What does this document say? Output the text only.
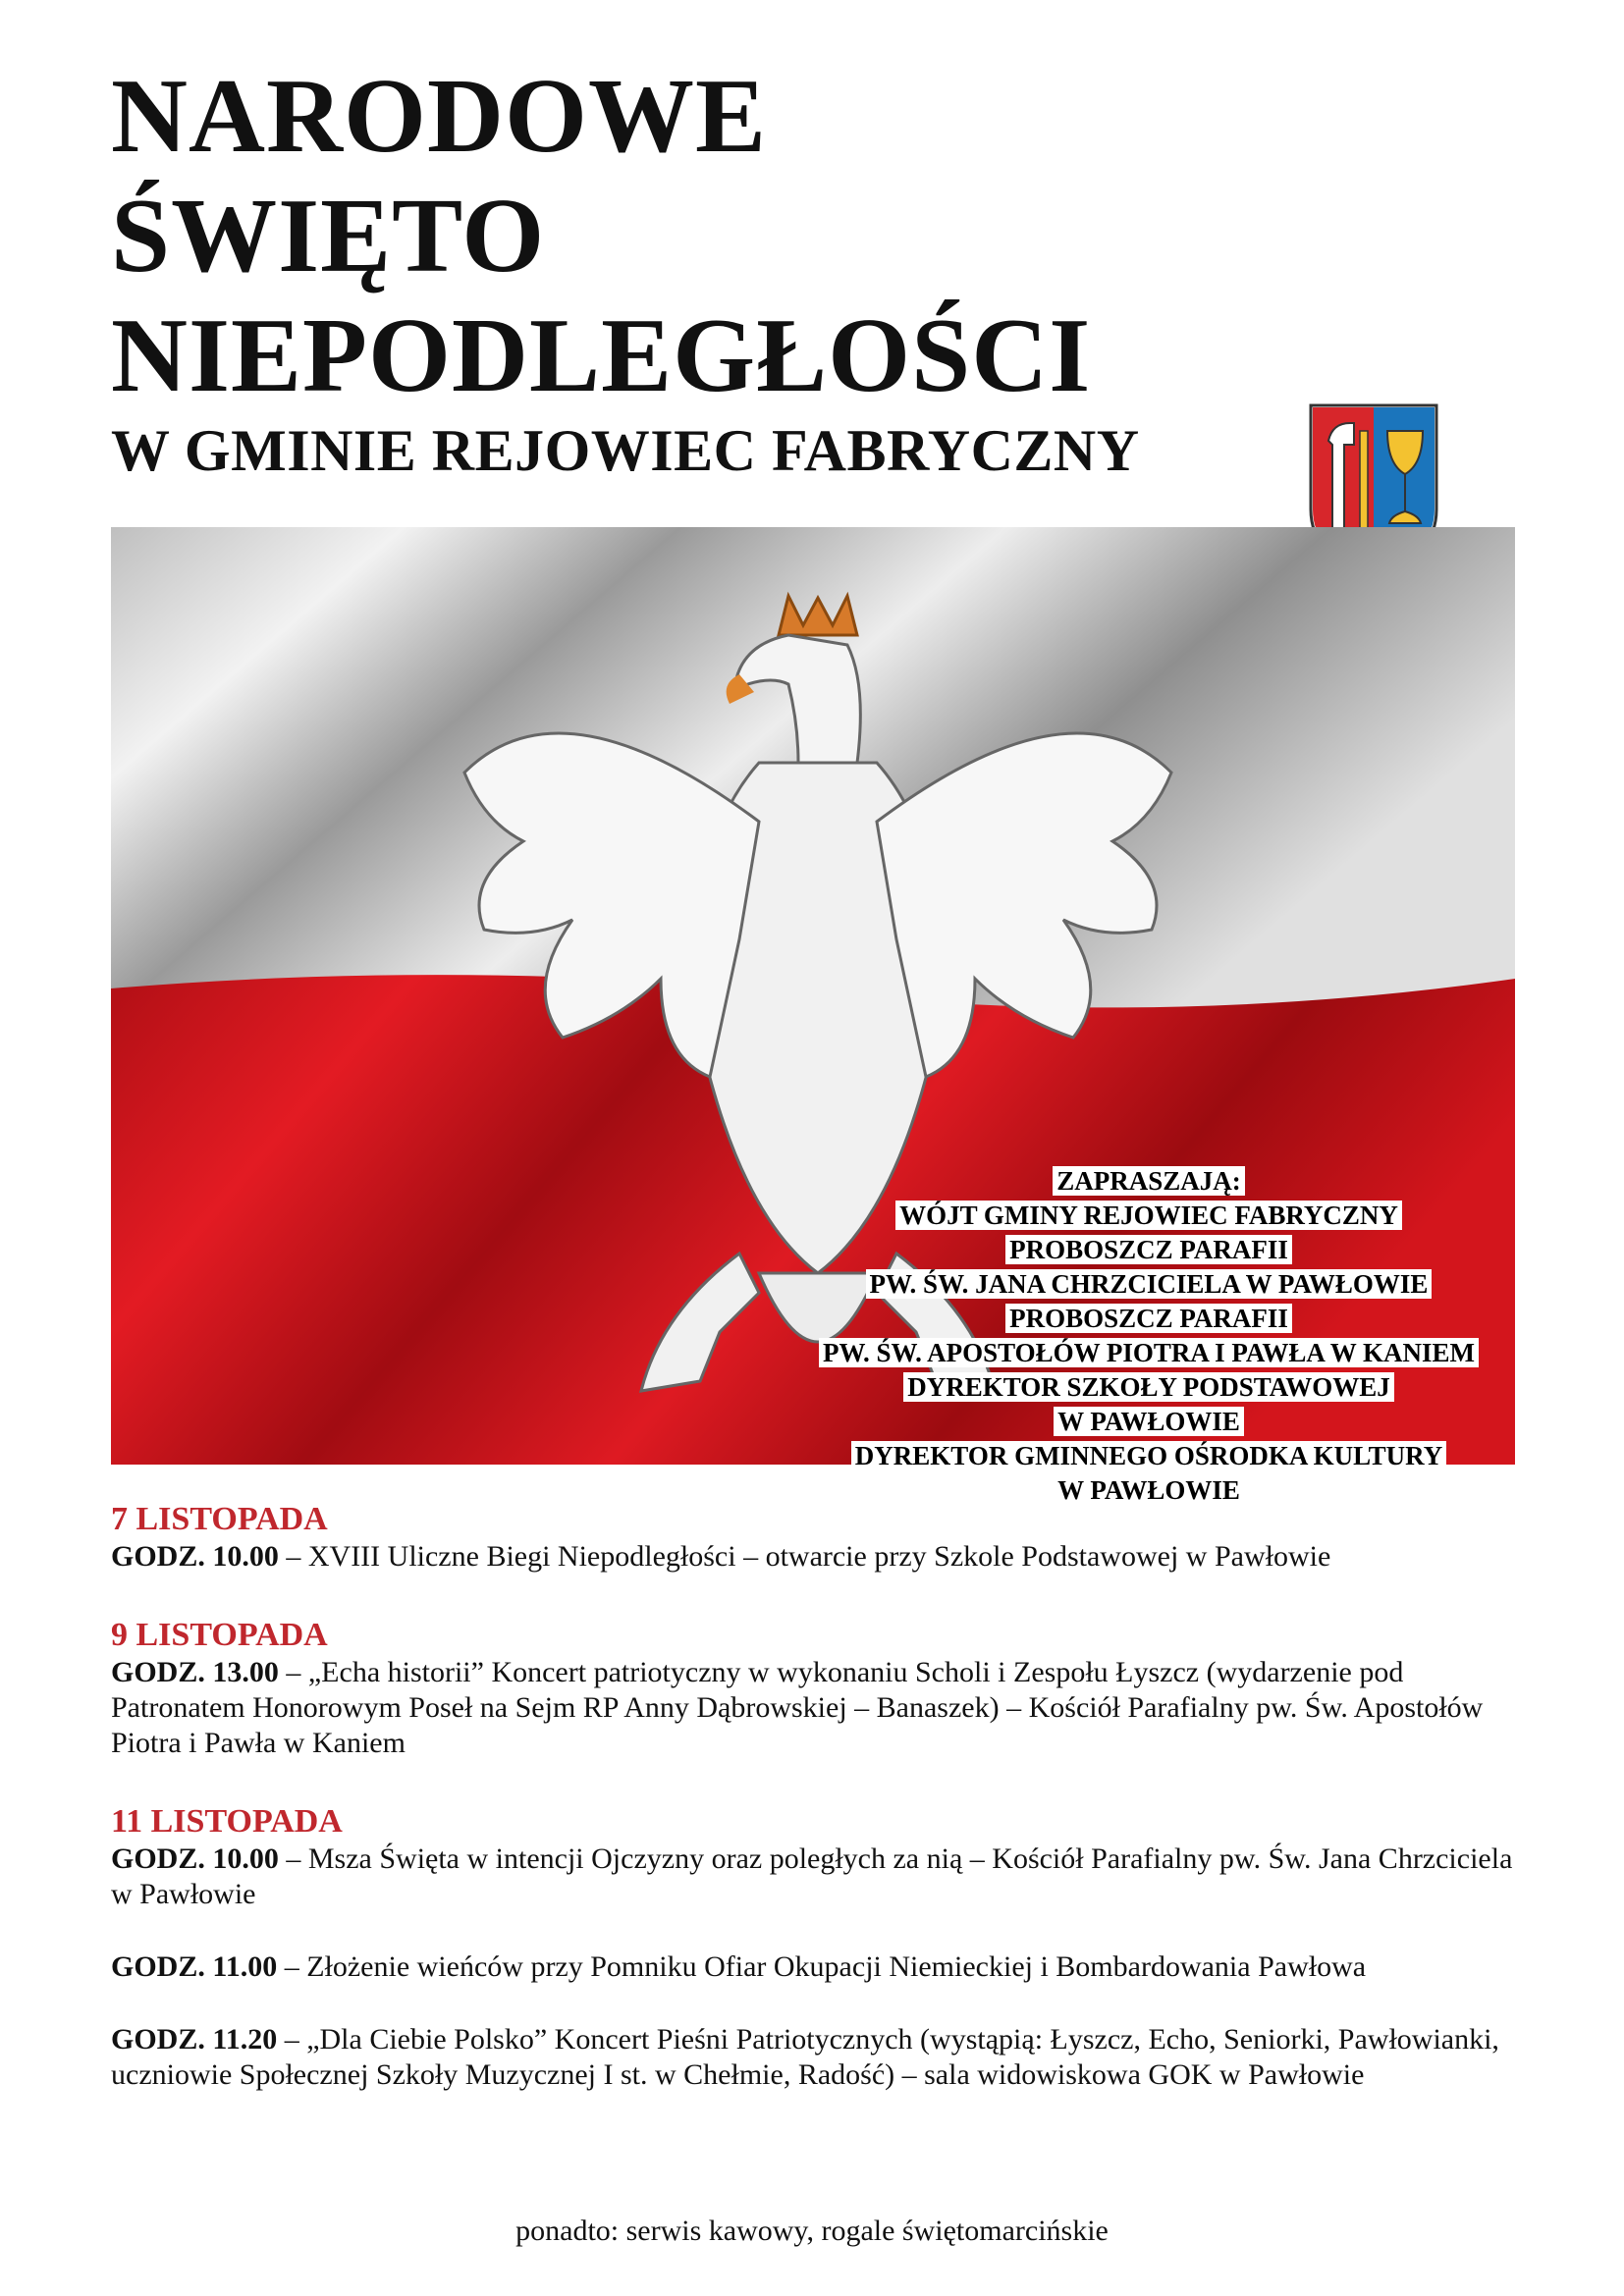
NARODOWE
ŚWIĘTO
NIEPODLEGŁOŚCI
W GMINIE REJOWIEC FABRYCZNY
ZAPRASZAJĄ:
WÓJT GMINY REJOWIEC FABRYCZNY
PROBOSZCZ PARAFII
PW. ŚW. JANA CHRZCICIELA W PAWŁOWIE
PROBOSZCZ PARAFII
PW. ŚW. APOSTOŁÓW PIOTRA I PAWŁA W KANIEM
DYREKTOR SZKOŁY PODSTAWOWEJ
W PAWŁOWIE
DYREKTOR GMINNEGO OŚRODKA KULTURY
W PAWŁOWIE

7 LISTOPADA

GODZ. 10.00 – XVIII Uliczne Biegi Niepodległości – otwarcie przy Szkole Podstawowej w Pawłowie

9 LISTOPADA

GODZ. 13.00 – „Echa historii” Koncert patriotyczny w wykonaniu Scholi i Zespołu Łyszcz (wydarzenie pod Patronatem Honorowym Poseł na Sejm RP Anny Dąbrowskiej – Banaszek) – Kościół Parafialny pw. Św. Apostołów Piotra i Pawła w Kaniem

11 LISTOPADA

GODZ. 10.00 – Msza Święta w intencji Ojczyzny oraz poległych za nią – Kościół Parafialny pw. Św. Jana Chrzciciela w Pawłowie

GODZ. 11.00 – Złożenie wieńców przy Pomniku Ofiar Okupacji Niemieckiej i Bombardowania Pawłowa

GODZ. 11.20 – „Dla Ciebie Polsko” Koncert Pieśni Patriotycznych (wystąpią: Łyszcz, Echo, Seniorki, Pawłowianki, uczniowie Społecznej Szkoły Muzycznej I st. w Chełmie, Radość) – sala widowiskowa GOK w Pawłowie

ponadto: serwis kawowy, rogale świętomarcińskie
